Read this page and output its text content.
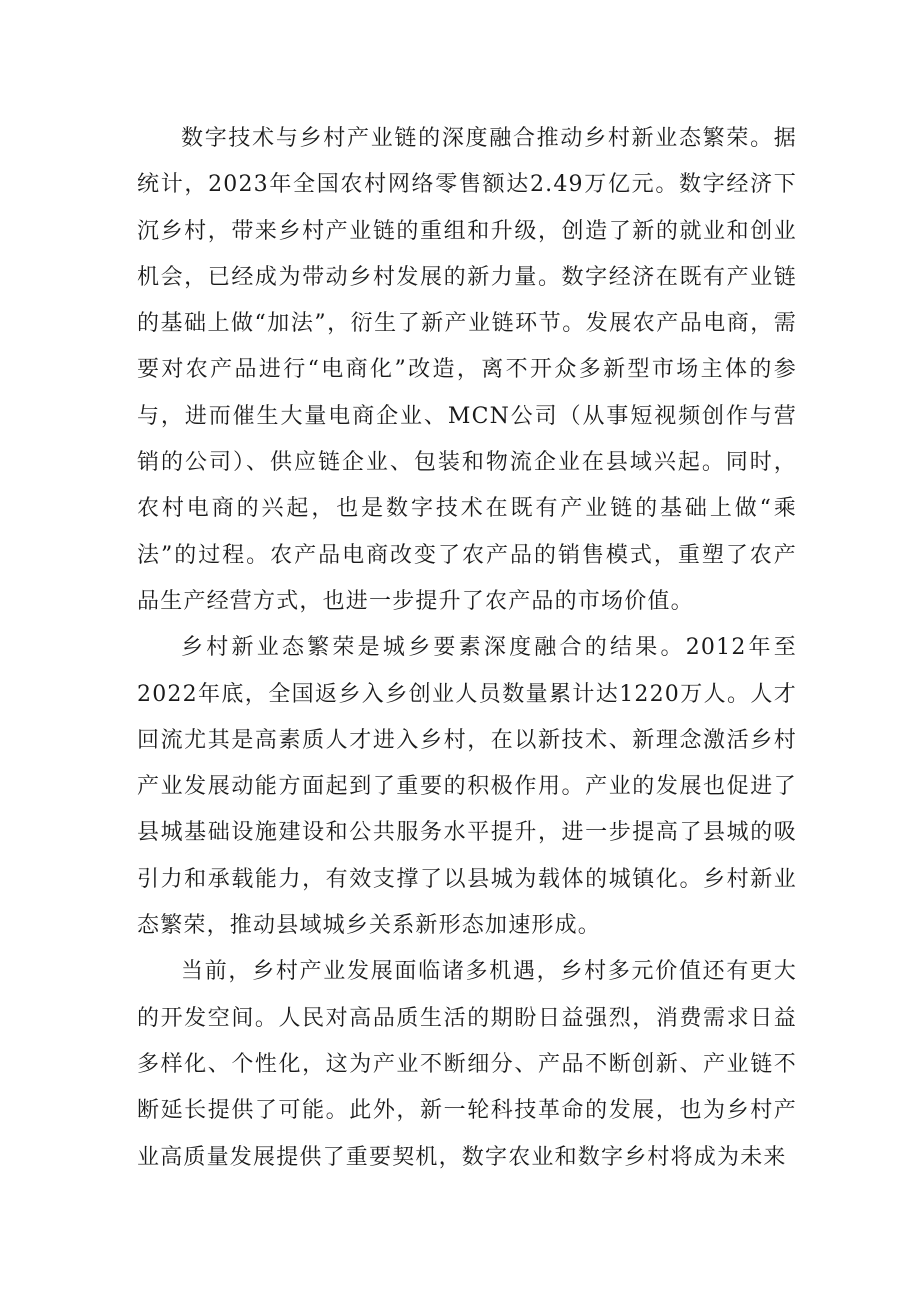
数字技术与乡村产业链的深度融合推动乡村新业态繁荣。据统计，2023年全国农村网络零售额达2.49万亿元。数字经济下沉乡村，带来乡村产业链的重组和升级，创造了新的就业和创业机会，已经成为带动乡村发展的新力量。数字经济在既有产业链的基础上做“加法”，衍生了新产业链环节。发展农产品电商，需要对农产品进行“电商化”改造，离不开众多新型市场主体的参与，进而催生大量电商企业、MCN公司（从事短视频创作与营销的公司）、供应链企业、包装和物流企业在县域兴起。同时，农村电商的兴起，也是数字技术在既有产业链的基础上做“乘法”的过程。农产品电商改变了农产品的销售模式，重塑了农产品生产经营方式，也进一步提升了农产品的市场价值。

乡村新业态繁荣是城乡要素深度融合的结果。2012年至2022年底，全国返乡入乡创业人员数量累计达1220万人。人才回流尤其是高素质人才进入乡村，在以新技术、新理念激活乡村产业发展动能方面起到了重要的积极作用。产业的发展也促进了县城基础设施建设和公共服务水平提升，进一步提高了县城的吸引力和承载能力，有效支撑了以县城为载体的城镇化。乡村新业态繁荣，推动县域城乡关系新形态加速形成。

当前，乡村产业发展面临诸多机遇，乡村多元价值还有更大的开发空间。人民对高品质生活的期盼日益强烈，消费需求日益多样化、个性化，这为产业不断细分、产品不断创新、产业链不断延长提供了可能。此外，新一轮科技革命的发展，也为乡村产业高质量发展提供了重要契机，数字农业和数字乡村将成为未来
